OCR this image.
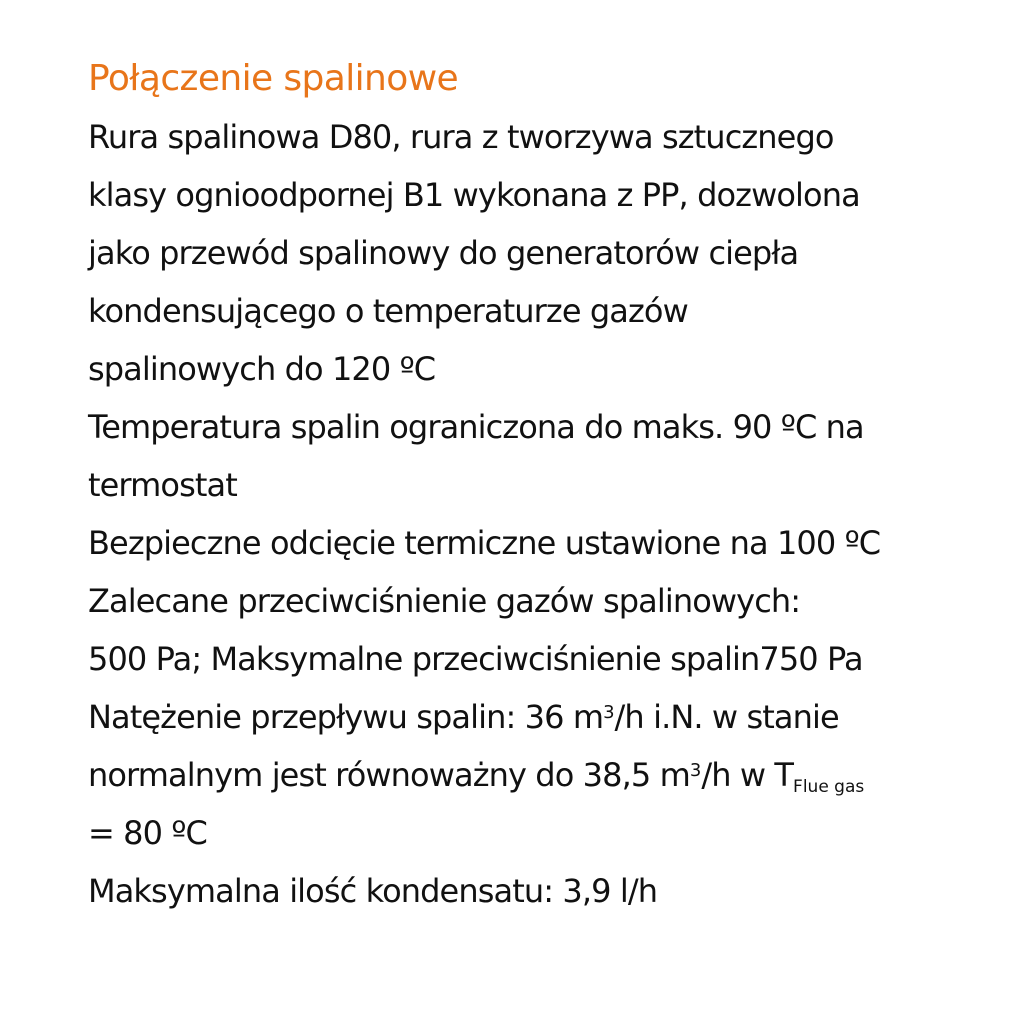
Połączenie spalinowe
Rura spalinowa D80, rura z tworzywa sztucznego
klasy ognioodpornej B1 wykonana z PP, dozwolona
jako przewód spalinowy do generatorów ciepła
kondensującego o temperaturze gazów
spalinowych do 120 ºC
Temperatura spalin ograniczona do maks. 90 ºC na
termostat
Bezpieczne odcięcie termiczne ustawione na 100 ºC
Zalecane przeciwciśnienie gazów spalinowych:
500 Pa; Maksymalne przeciwciśnienie spalin750 Pa
Natężenie przepływu spalin: 36 $m^3/h$ i.N. w stanie
normalnym jest równoważny do 38,5 $m^3/h$ w TFlue gas
= 80 ºC
Maksymalna ilość kondensatu: 3,9 l/h
